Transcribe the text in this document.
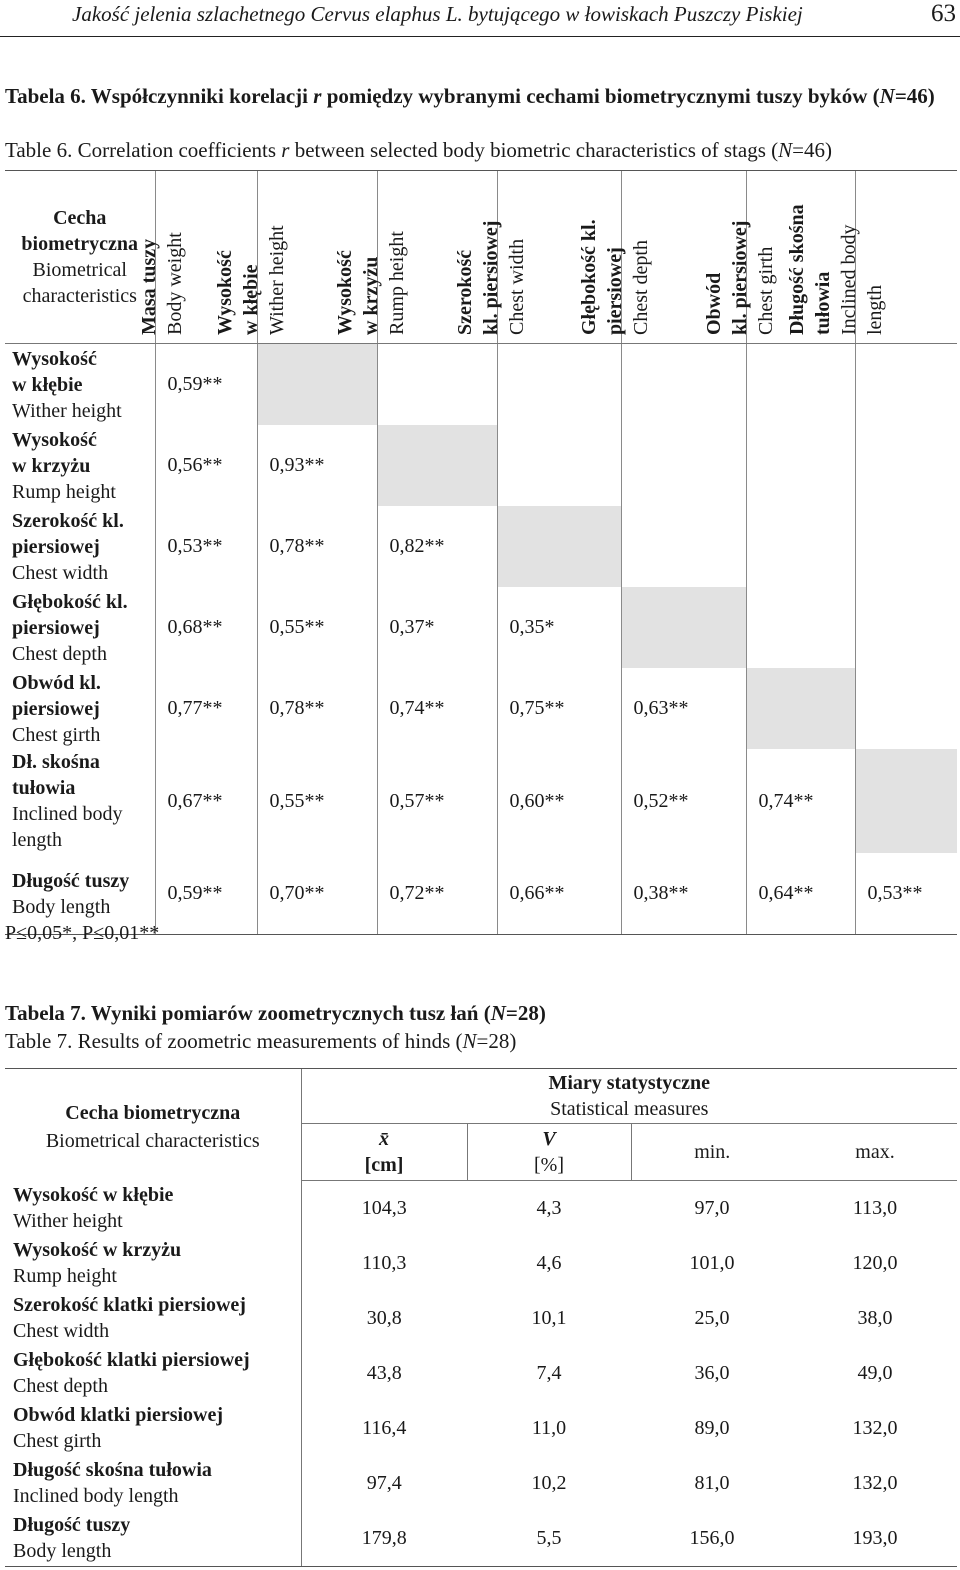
Jakość jelenia szlachetnego Cervus elaphus L. bytującego w łowiskach Puszczy Piskiej	63
Tabela 6. Współczynniki korelacji r pomiędzy wybranymi cechami biometrycznymi tuszy byków (N=46)
Table 6. Correlation coefficients r between selected body biometric characteristics of stags (N=46)
Cecha
biometryczna
Biometrical
characteristics	Masa tuszy Body weight	Wysokość w kłębie Wither height	Wysokość w krzyżu Rump height	Szerokość kl. piersiowej Chest width	Głębokość kl. piersiowej Chest depth	Obwód kl. piersiowej Chest girth	Długość skośna tułowia Inclined body length

Wysokość
w kłębie
Wither height	0,59**						
Wysokość
w krzyżu
Rump height	0,56**	0,93**					
Szerokość kl.
piersiowej
Chest width	0,53**	0,78**	0,82**				
Głębokość kl.
piersiowej
Chest depth	0,68**	0,55**	0,37*	0,35*			
Obwód kl.
piersiowej
Chest girth	0,77**	0,78**	0,74**	0,75**	0,63**		
Dł. skośna
tułowia
Inclined body
length	0,67**	0,55**	0,57**	0,60**	0,52**	0,74**	
Długość tuszy
Body length	0,59**	0,70**	0,72**	0,66**	0,38**	0,64**	0,53**
P≤0,05*, P≤0,01**
Tabela 7. Wyniki pomiarów zoometrycznych tusz łań (N=28)
Table 7. Results of zoometric measurements of hinds (N=28)
Cecha biometryczna
Biometrical characteristics	Miary statystyczne
Statistical measures			

	x̄
[cm]	V
[%]	min.	max.
Wysokość w kłębie
Wither height	104,3	4,3	97,0	113,0
Wysokość w krzyżu
Rump height	110,3	4,6	101,0	120,0
Szerokość klatki piersiowej
Chest width	30,8	10,1	25,0	38,0
Głębokość klatki piersiowej
Chest depth	43,8	7,4	36,0	49,0
Obwód klatki piersiowej
Chest girth	116,4	11,0	89,0	132,0
Długość skośna tułowia
Inclined body length	97,4	10,2	81,0	132,0
Długość tuszy
Body length	179,8	5,5	156,0	193,0
